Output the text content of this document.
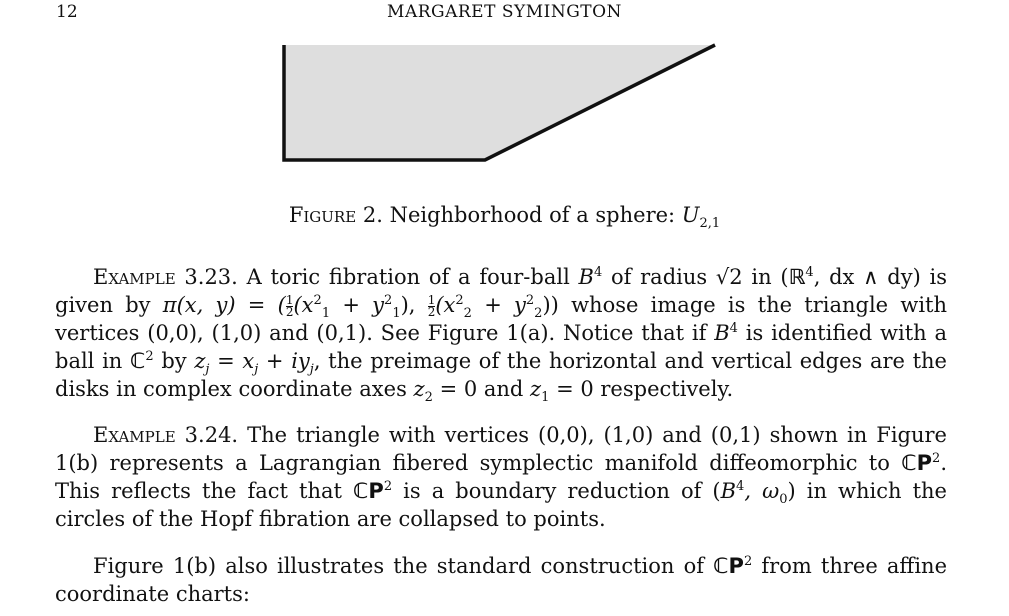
12	MARGARET SYMINGTON
Figure 2. Neighborhood of a sphere: $U_{2,1}$
Example 3.23. A toric fibration of a four-ball $B^4$ of radius √2 in (ℝ$^4$, dx ∧ dy) is given by π(x, y) = ( $\frac{1}{2} (x^2_1 + y^2_1)$, $\frac{1}{2} (x^2_2 + y^2_2)$) whose image is the triangle with vertices (0,0), (1,0) and (0,1). See Figure 1(a). Notice that if $B^4$ is identified with a ball in ℂ$^2$ by $z_j = x_j + iy_j$, the preimage of the horizontal and vertical edges are the disks in complex coordinate axes $z_2 = 0$ and $z_1 = 0$ respectively.
Example 3.24. The triangle with vertices (0,0), (1,0) and (0,1) shown in Figure 1(b) represents a Lagrangian fibered symplectic manifold diffeomorphic to ℂP$^2$. This reflects the fact that ℂP$^2$ is a boundary reduction of ($B^4$, $\omega_0$) in which the circles of the Hopf fibration are collapsed to points.
Figure 1(b) also illustrates the standard construction of ℂP$^2$ from three affine coordinate charts:
